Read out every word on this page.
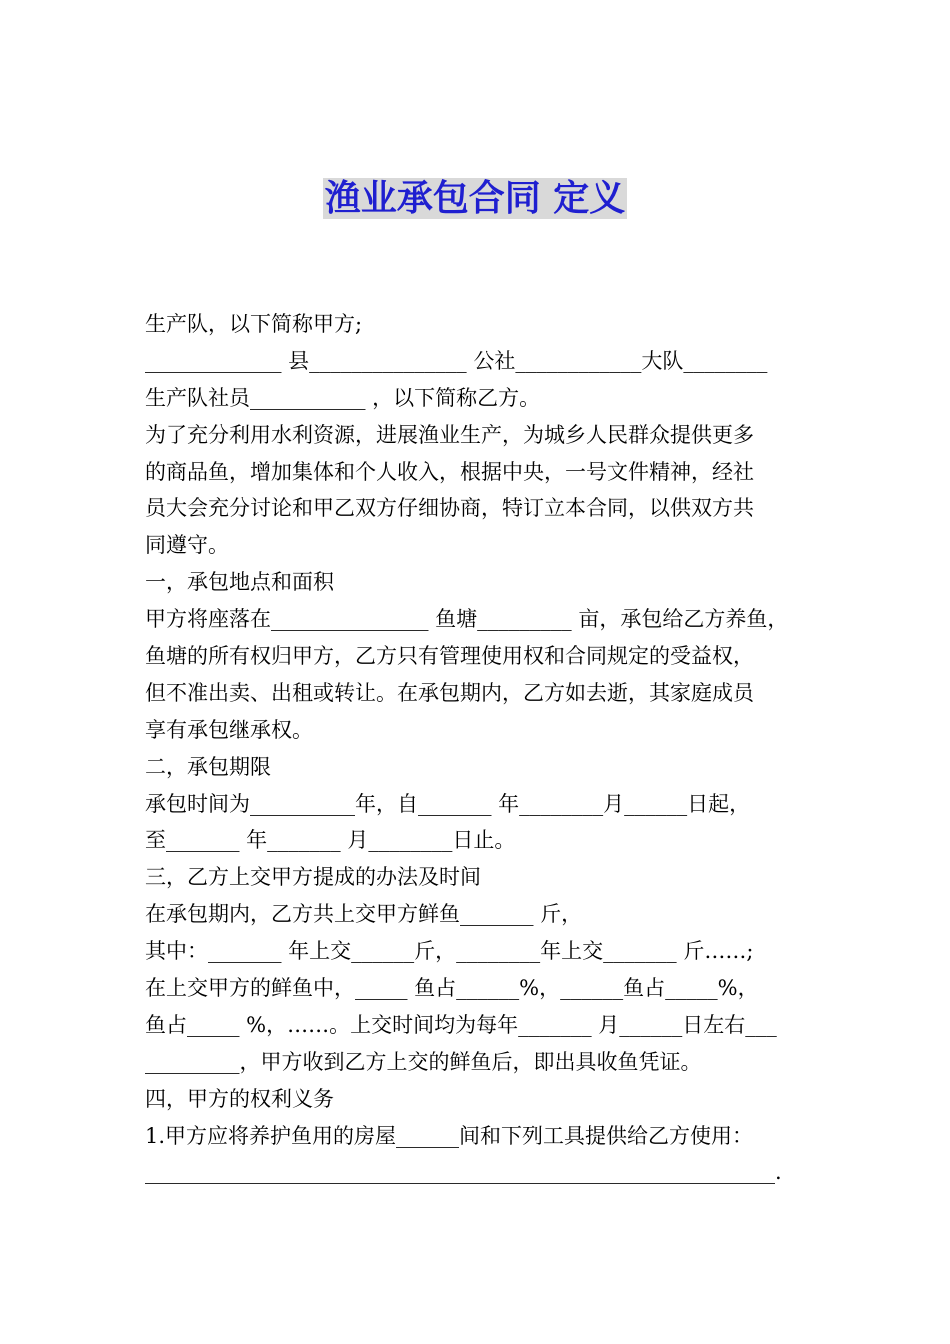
渔业承包合同 定义
生产队，以下简称甲方;
_____________ 县_______________ 公社____________大队________
生产队社员___________ ，以下简称乙方。
为了充分利用水利资源，进展渔业生产，为城乡人民群众提供更多
的商品鱼，增加集体和个人收入，根据中央，一号文件精神，经社
员大会充分讨论和甲乙双方仔细协商，特订立本合同，以供双方共
同遵守。
一，承包地点和面积
甲方将座落在_______________ 鱼塘_________ 亩，承包给乙方养鱼，
鱼塘的所有权归甲方，乙方只有管理使用权和合同规定的受益权，
但不准出卖、出租或转让。在承包期内，乙方如去逝，其家庭成员
享有承包继承权。
二，承包期限
承包时间为__________年，自_______ 年________月______日起，
至_______ 年_______ 月________日止。
三，乙方上交甲方提成的办法及时间
在承包期内，乙方共上交甲方鲜鱼_______ 斤，
其中：_______ 年上交______斤，________年上交_______ 斤……;
在上交甲方的鲜鱼中，_____ 鱼占______%，______鱼占_____%，
鱼占_____ %，……。上交时间均为每年_______ 月______日左右___
_________，甲方收到乙方上交的鲜鱼后，即出具收鱼凭证。
四，甲方的权利义务
1.甲方应将养护鱼用的房屋______间和下列工具提供给乙方使用：
____________________________________________________________.
